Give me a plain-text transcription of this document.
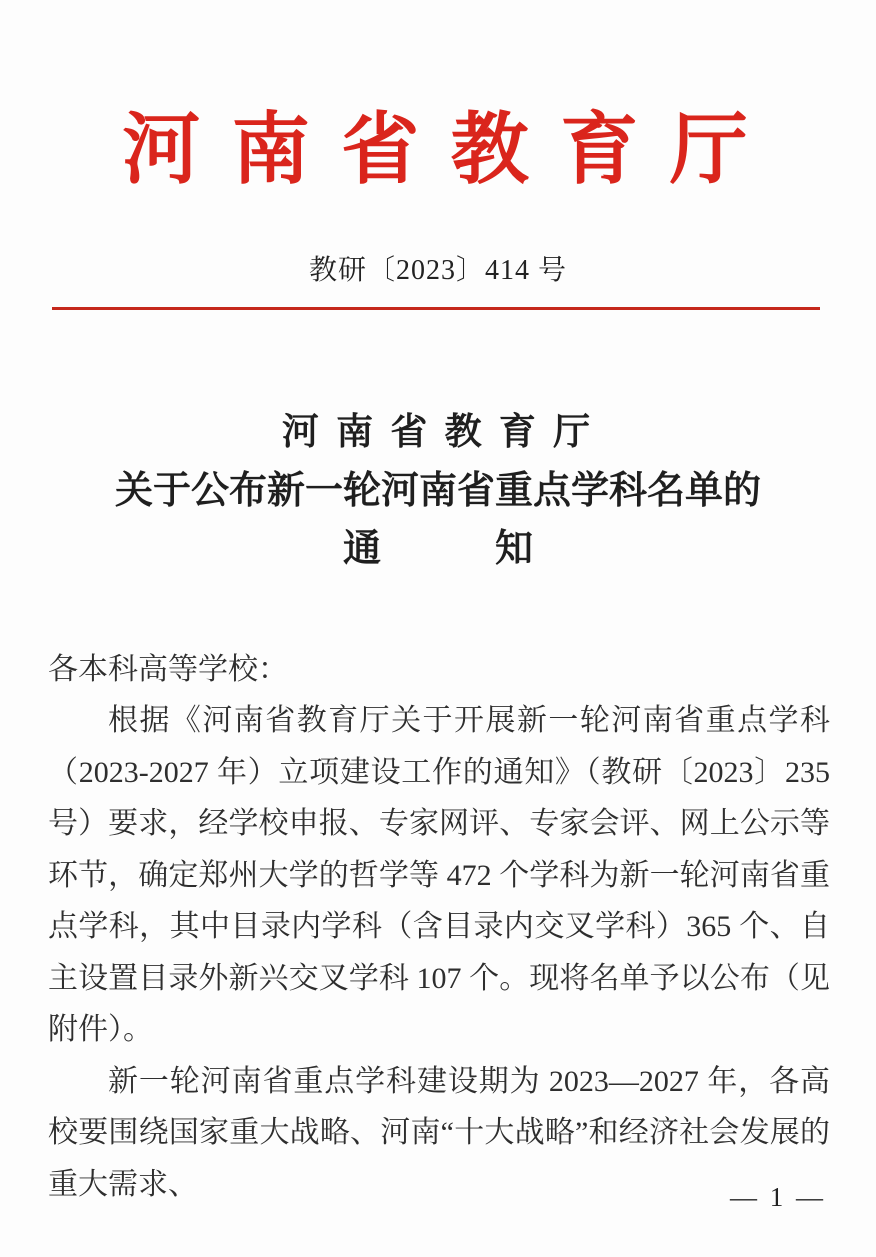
河 南 省 教 育 厅
教研〔2023〕414 号
河 南 省 教 育 厅
关于公布新一轮河南省重点学科名单的
通　　　知

各本科高等学校：

根据《河南省教育厅关于开展新一轮河南省重点学科（2023-2027 年）立项建设工作的通知》（教研〔2023〕235 号）要求，经学校申报、专家网评、专家会评、网上公示等环节，确定郑州大学的哲学等 472 个学科为新一轮河南省重点学科，其中目录内学科（含目录内交叉学科）365 个、自主设置目录外新兴交叉学科 107 个。现将名单予以公布（见附件）。

新一轮河南省重点学科建设期为 2023—2027 年，各高校要围绕国家重大战略、河南“十大战略”和经济社会发展的重大需求、	— 1 —
